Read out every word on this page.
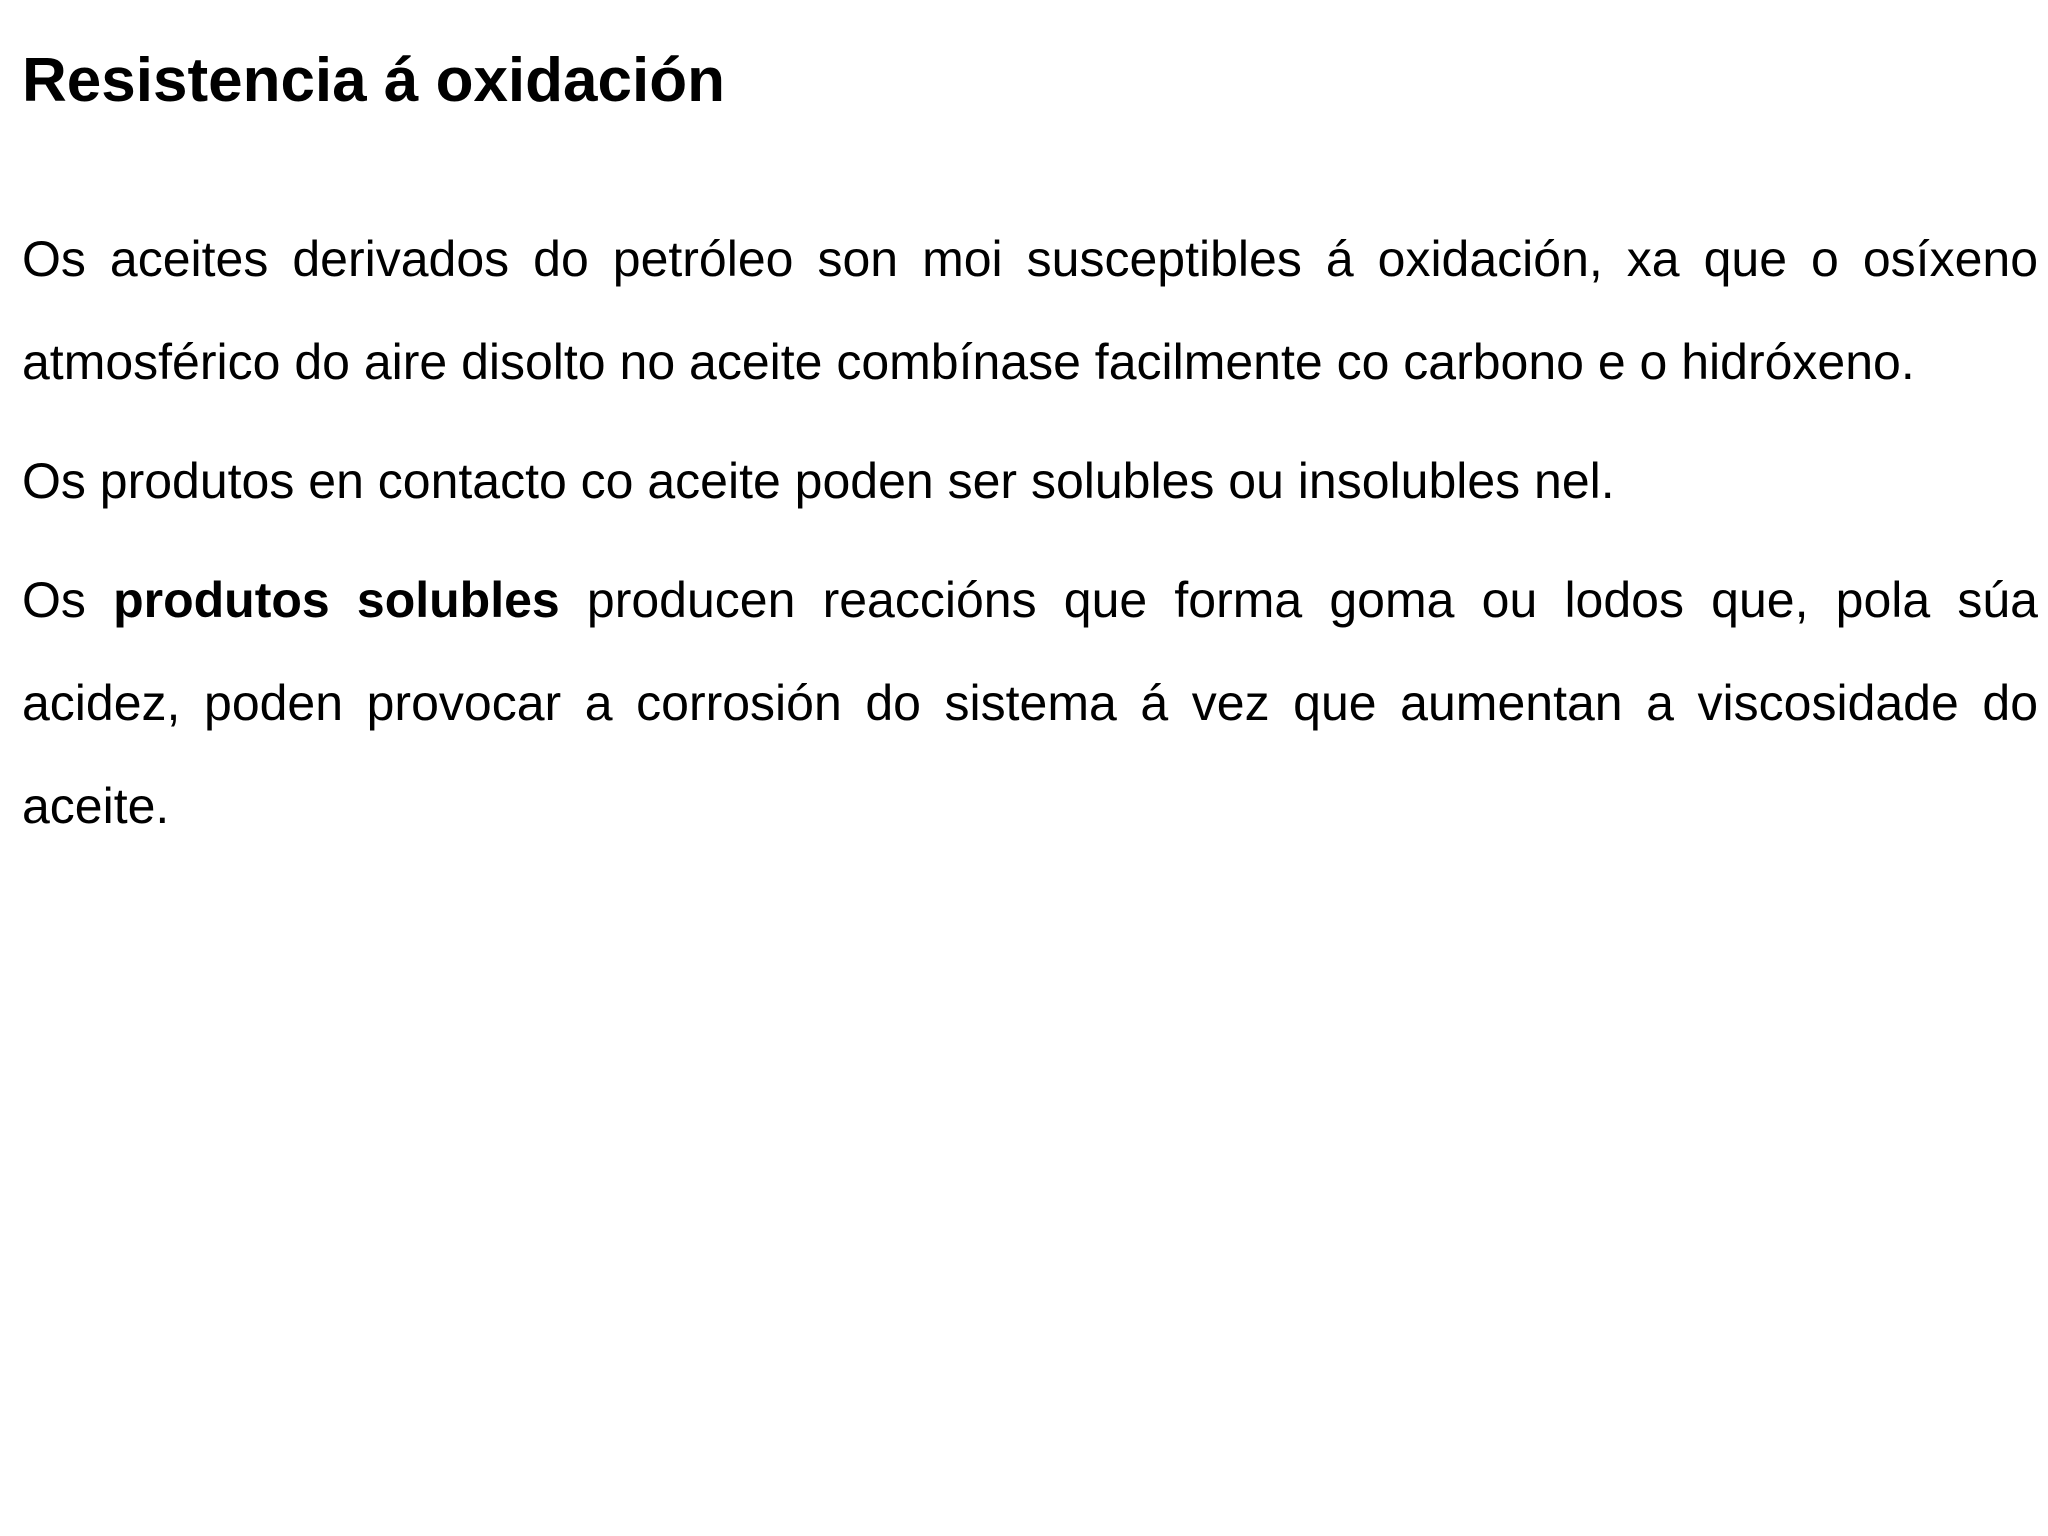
Resistencia á oxidación

Os aceites derivados do petróleo son moi susceptibles á oxidación, xa que o osíxeno atmosférico do aire disolto no aceite combínase facilmente co carbono e o hidróxeno.

Os produtos en contacto co aceite poden ser solubles ou insolubles nel.

Os produtos solubles producen reaccións que forma goma ou lodos que, pola súa acidez, poden provocar a corrosión do sistema á vez que aumentan a viscosidade do aceite.
